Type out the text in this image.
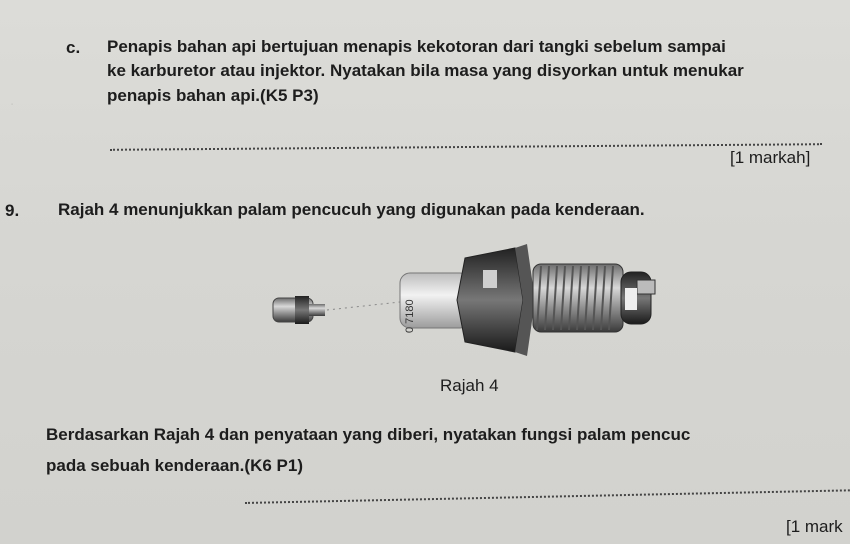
.
c. Penapis bahan api bertujuan menapis kekotoran dari tangki sebelum sampai

ke karburetor atau injektor. Nyatakan bila masa yang disyorkan untuk menukar

penapis bahan api.(K5 P3)

[1 markah]

9. Rajah 4 menunjukkan palam pencucuh yang digunakan pada kenderaan.

0 7180

Rajah 4

Berdasarkan Rajah 4 dan penyataan yang diberi, nyatakan fungsi palam pencuc

pada sebuah kenderaan.(K6 P1)

[1 mark
